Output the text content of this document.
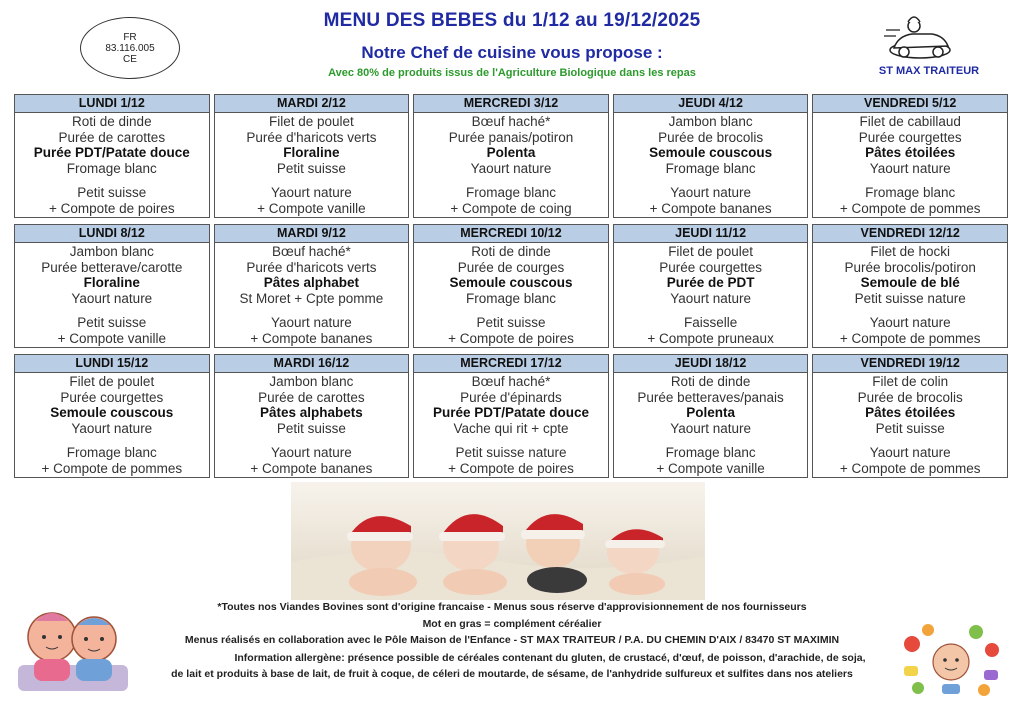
FR
83.116.005
CE
MENU DES BEBES du 1/12 au 19/12/2025
Notre Chef de cuisine vous propose :
Avec 80% de produits issus de l'Agriculture Biologique dans les repas	ST MAX TRAITEUR
LUNDI 1/12
Roti de dinde
Purée de carottes
Purée PDT/Patate douce
Fromage blanc
Petit suisse
+ Compote de poires
MARDI 2/12
Filet de poulet
Purée d'haricots verts
Floraline
Petit suisse
Yaourt nature
+ Compote vanille
MERCREDI 3/12
Bœuf haché*
Purée panais/potiron
Polenta
Yaourt nature
Fromage blanc
+ Compote de coing
JEUDI 4/12
Jambon blanc
Purée de brocolis
Semoule couscous
Fromage blanc
Yaourt nature
+ Compote bananes
VENDREDI 5/12
Filet de cabillaud
Purée courgettes
Pâtes étoilées
Yaourt nature
Fromage blanc
+ Compote de pommes
LUNDI 8/12
Jambon blanc
Purée betterave/carotte
Floraline
Yaourt nature
Petit suisse
+ Compote vanille
MARDI 9/12
Bœuf haché*
Purée d'haricots verts
Pâtes alphabet
St Moret + Cpte pomme
Yaourt nature
+ Compote bananes
MERCREDI 10/12
Roti de dinde
Purée de courges
Semoule couscous
Fromage blanc
Petit suisse
+ Compote de poires
JEUDI 11/12
Filet de poulet
Purée courgettes
Purée de PDT
Yaourt nature
Faisselle
+ Compote pruneaux
VENDREDI 12/12
Filet de hocki
Purée brocolis/potiron
Semoule de blé
Petit suisse nature
Yaourt nature
+ Compote de pommes
LUNDI 15/12
Filet de poulet
Purée courgettes
Semoule couscous
Yaourt nature
Fromage blanc
+ Compote de pommes
MARDI 16/12
Jambon blanc
Purée de carottes
Pâtes alphabets
Petit suisse
Yaourt nature
+ Compote bananes
MERCREDI 17/12
Bœuf haché*
Purée d'épinards
Purée PDT/Patate douce
Vache qui rit + cpte
Petit suisse nature
+ Compote de poires
JEUDI 18/12
Roti de dinde
Purée betteraves/panais
Polenta
Yaourt nature
Fromage blanc
+ Compote vanille
VENDREDI 19/12
Filet de colin
Purée de brocolis
Pâtes étoilées
Petit suisse
Yaourt nature
+ Compote de pommes
*Toutes nos Viandes Bovines sont d'origine francaise - Menus sous réserve d'approvisionnement de nos fournisseurs
Mot en gras = complément céréalier
Menus réalisés en collaboration avec le Pôle Maison de l'Enfance - ST MAX TRAITEUR / P.A. DU CHEMIN D'AIX / 83470 ST MAXIMIN
Information allergène: présence possible de céréales contenant du gluten, de crustacé, d'œuf, de poisson, d'arachide, de soja,
de lait et produits à base de lait, de fruit à coque, de céleri de moutarde, de sésame, de l'anhydride sulfureux et sulfites dans nos ateliers
